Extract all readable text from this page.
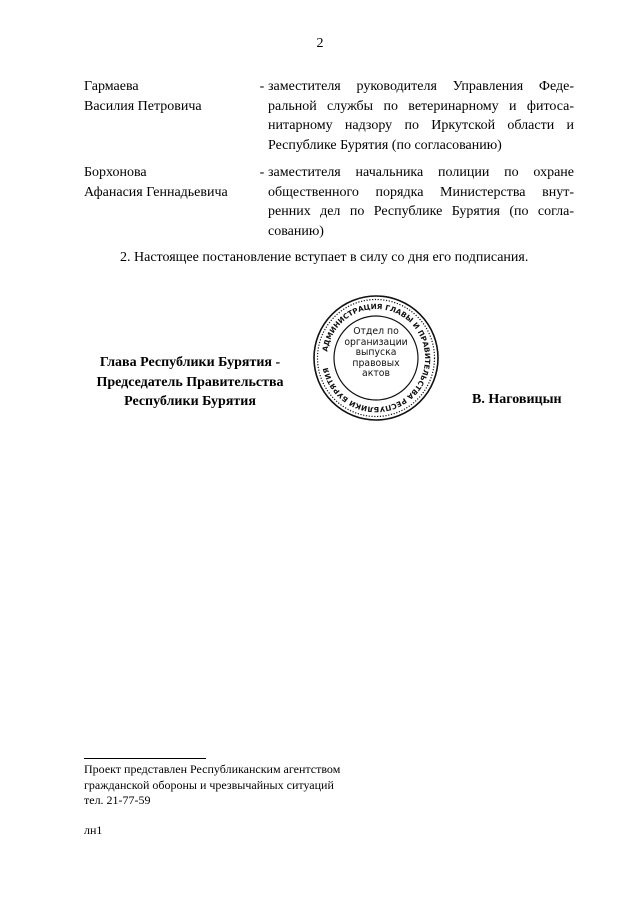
2
Гармаева
Василия Петровича
- заместителя руководителя Управления Феде-
ральной службы по ветеринарному и фитоса-
нитарному надзору по Иркутской области и
Республике Бурятия (по согласованию)
Борхонова
Афанасия Геннадьевича
- заместителя начальника полиции по охране
общественного порядка Министерства внут-
ренних дел по Республике Бурятия (по согла-
сованию)
2. Настоящее постановление вступает в силу со дня его подписания.
Глава Республики Бурятия -
Председатель Правительства
Республики Бурятия
АДМИНИСТРАЦИЯ ГЛАВЫ И ПРАВИТЕЛЬСТВА РЕСПУБЛИКИ БУРЯТИЯ
Отдел по
организации
выпуска
правовых
актов
В. Наговицын
Проект представлен Республиканским агентством
гражданской обороны и чрезвычайных ситуаций
тел. 21-77-59
лн1
